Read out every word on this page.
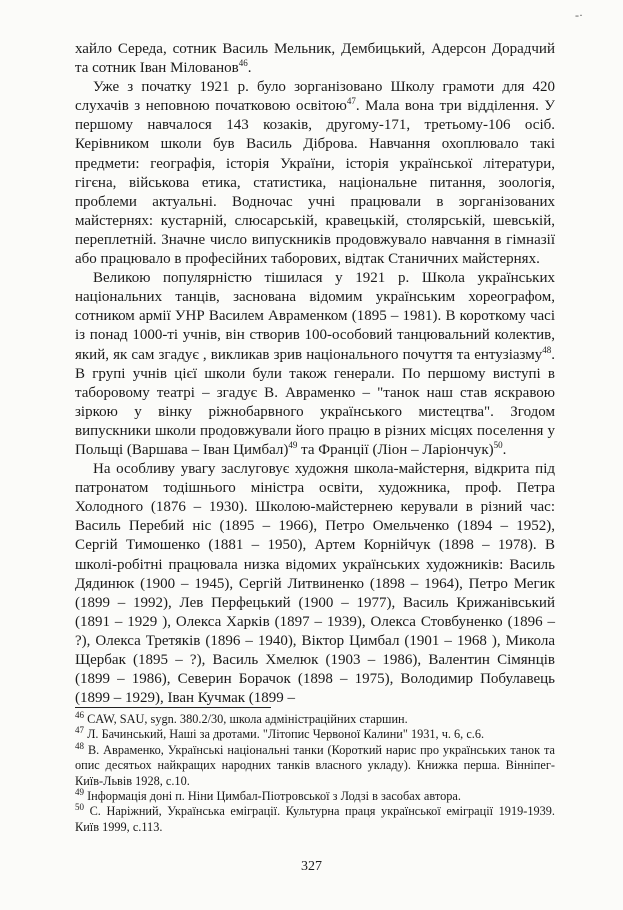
-·

хайло Середа, сотник Василь Мельник, Дембицький, Адерсон Дорадчий та сотник Іван Мілованов$^{46}$.

Уже з початку 1921 р. було зорганізовано Школу грамоти для 420 слухачів з неповною початковою освітою$^{47}$. Мала вона три відділення. У першому навчалося 143 козаків, другому-171, третьому-106 осіб. Керівником школи був Василь Діброва. Навчання охоплювало такі предмети: географія, історія України, історія української літератури, гігєна, військова етика, статистика, національне питання, зоологія, проблеми актуальні. Водночас учні працювали в зорганізованих майстернях: кустарній, слюсарській, кравецькій, столярській, шевській, переплетній. Значне число випускників продовжувало навчання в гімназії або працювало в професійних таборових, відтак Станичних майстернях.

Великою популярністю тішилася у 1921 р. Школа українських національних танців, заснована відомим українським хореографом, сотником армії УНР Василем Авраменком (1895 – 1981). В короткому часі із понад 1000-ті учнів, він створив 100-особовий танцювальний колектив, який, як сам згадує , викликав зрив національного почуття та ентузіазму$^{48}$. В групі учнів цієї школи були також генерали. По першому виступі в таборовому театрі – згадує В. Авраменко – "танок наш став яскравою зіркою у вінку ріжнобарвного українського мистецтва". Згодом випускники школи продовжували його працю в різних місцях поселення у Польщі (Варшава – Іван Цимбал)$^{49}$ та Франції (Ліон – Ларіончук)$^{50}$.

На особливу увагу заслуговує художня школа-майстерня, відкрита під патронатом тодішнього міністра освіти, художника, проф. Петра Холодного (1876 – 1930). Школою-майстернею керували в різний час: Василь Перебий ніс (1895 – 1966), Петро Омельченко (1894 – 1952), Сергій Тимошенко (1881 – 1950), Артем Корнійчук (1898 – 1978). В школі-робітні працювала низка відомих українських художників: Василь Дядинюк (1900 – 1945), Сергій Литвиненко (1898 – 1964), Петро Мегик (1899 – 1992), Лев Перфецький (1900 – 1977), Василь Крижанівський (1891 – 1929 ), Олекса Харків (1897 – 1939), Олекса Стовбуненко (1896 – ?), Олекса Третяків (1896 – 1940), Віктор Цимбал (1901 – 1968 ), Микола Щербак (1895 – ?), Василь Хмелюк (1903 – 1986), Валентин Сімянців (1899 – 1986), Северин Борачок (1898 – 1975), Володимир Побулавець (1899 – 1929), Іван Кучмак (1899 –

$^{46}$ CAW, SAU, sygn. 380.2/30, школа адміністраційних старшин.

$^{47}$ Л. Бачинський, Наші за дротами. "Літопис Червоної Калини" 1931, ч. 6, с.6.

$^{48}$ В. Авраменко, Українські національні танки (Короткий нарис про українських танок та опис десятьох найкращих народних танків власного укладу). Книжка перша. Вінніпег-Київ-Львів 1928, с.10.

$^{49}$ Інформація доні п. Ніни Цимбал-Піотровської з Лодзі в засобах автора.

$^{50}$ С. Наріжний, Українська еміграції. Культурна праця української еміграції 1919-1939. Київ 1999, с.113.

327
